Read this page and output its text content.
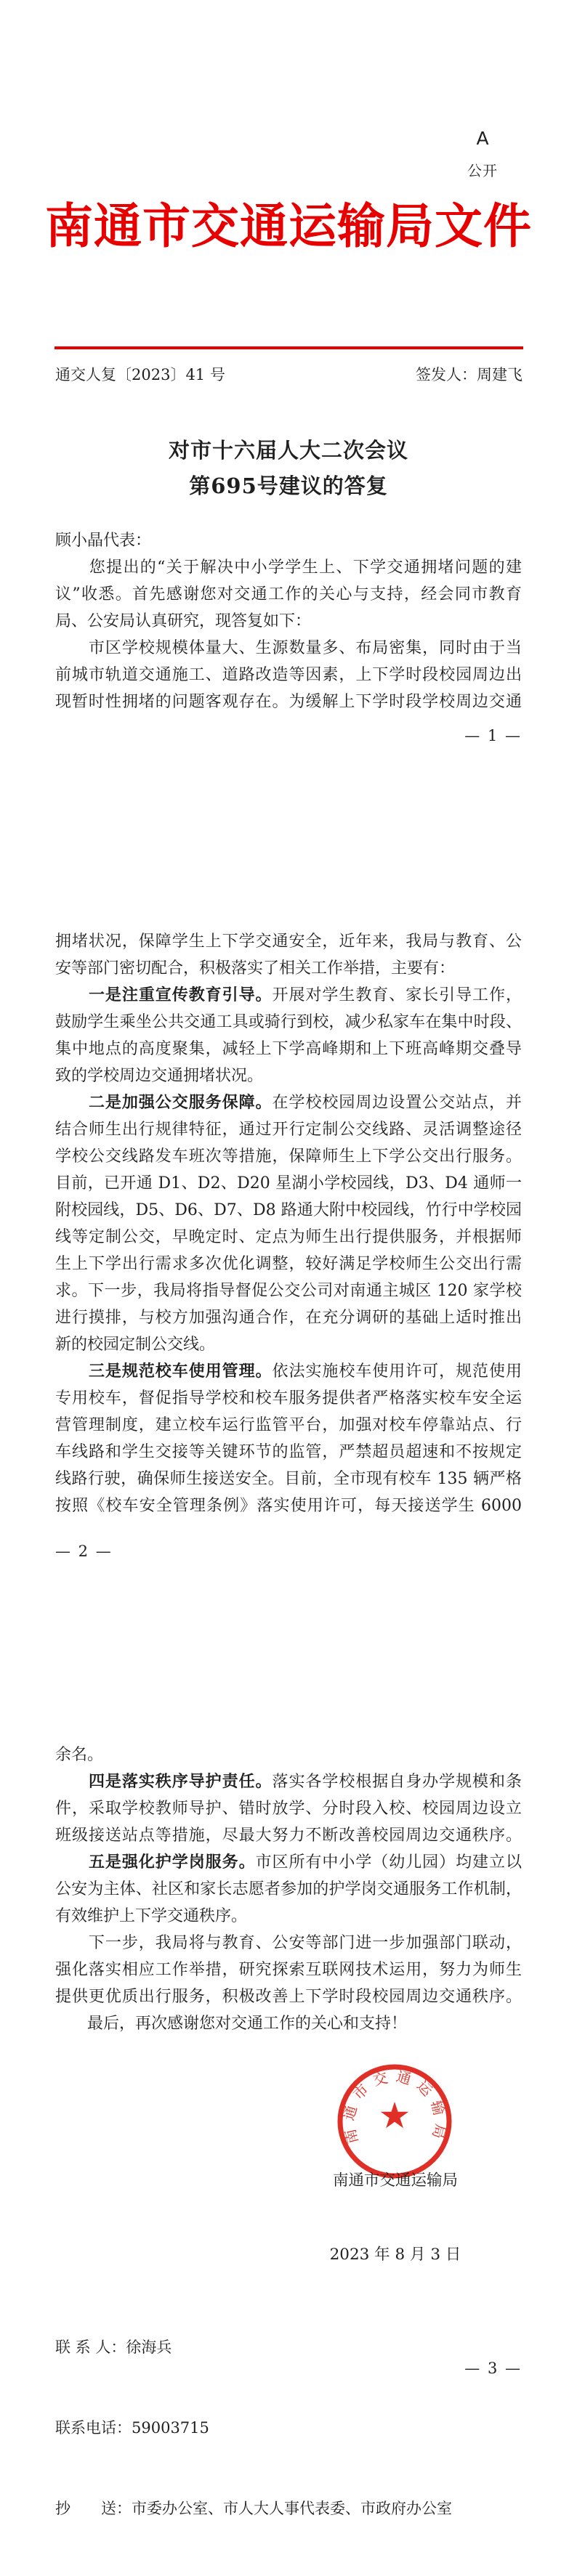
A
公开
南通市交通运输局文件
通交人复〔2023〕41 号	签发人：周建飞
对市十六届人大二次会议
第695号建议的答复
顾小晶代表：
　　您提出的“关于解决中小学学生上、下学交通拥堵问题的建
议”收悉。首先感谢您对交通工作的关心与支持，经会同市教育
局、公安局认真研究，现答复如下：
　　市区学校规模体量大、生源数量多、布局密集，同时由于当
前城市轨道交通施工、道路改造等因素，上下学时段校园周边出
现暂时性拥堵的问题客观存在。为缓解上下学时段学校周边交通
— 1 —
拥堵状况，保障学生上下学交通安全，近年来，我局与教育、公
安等部门密切配合，积极落实了相关工作举措，主要有：
　　一是注重宣传教育引导。开展对学生教育、家长引导工作，
鼓励学生乘坐公共交通工具或骑行到校，减少私家车在集中时段、
集中地点的高度聚集，减轻上下学高峰期和上下班高峰期交叠导
致的学校周边交通拥堵状况。
　　二是加强公交服务保障。在学校校园周边设置公交站点，并
结合师生出行规律特征，通过开行定制公交线路、灵活调整途径
学校公交线路发车班次等措施，保障师生上下学公交出行服务。
目前，已开通 D1、D2、D20 星湖小学校园线，D3、D4 通师一
附校园线，D5、D6、D7、D8 路通大附中校园线，竹行中学校园
线等定制公交，早晚定时、定点为师生出行提供服务，并根据师
生上下学出行需求多次优化调整，较好满足学校师生公交出行需
求。下一步，我局将指导督促公交公司对南通主城区 120 家学校
进行摸排，与校方加强沟通合作，在充分调研的基础上适时推出
新的校园定制公交线。
　　三是规范校车使用管理。依法实施校车使用许可，规范使用
专用校车，督促指导学校和校车服务提供者严格落实校车安全运
营管理制度，建立校车运行监管平台，加强对校车停靠站点、行
车线路和学生交接等关键环节的监管，严禁超员超速和不按规定
线路行驶，确保师生接送安全。目前，全市现有校车 135 辆严格
按照《校车安全管理条例》落实使用许可，每天接送学生 6000
— 2 —
余名。
　　四是落实秩序导护责任。落实各学校根据自身办学规模和条
件，采取学校教师导护、错时放学、分时段入校、校园周边设立
班级接送站点等措施，尽最大努力不断改善校园周边交通秩序。
　　五是强化护学岗服务。市区所有中小学（幼儿园）均建立以
公安为主体、社区和家长志愿者参加的护学岗交通服务工作机制，
有效维护上下学交通秩序。
　　下一步，我局将与教育、公安等部门进一步加强部门联动，
强化落实相应工作举措，研究探索互联网技术运用，努力为师生
提供更优质出行服务，积极改善上下学时段校园周边交通秩序。
　　最后，再次感谢您对交通工作的关心和支持！
南通市交通运输局
★

南通市交通运输局

2023 年 8 月 3 日

联 系 人：徐海兵

联系电话：59003715

抄　　送：市委办公室、市人大人事代表委、市政府办公室

— 3 —
